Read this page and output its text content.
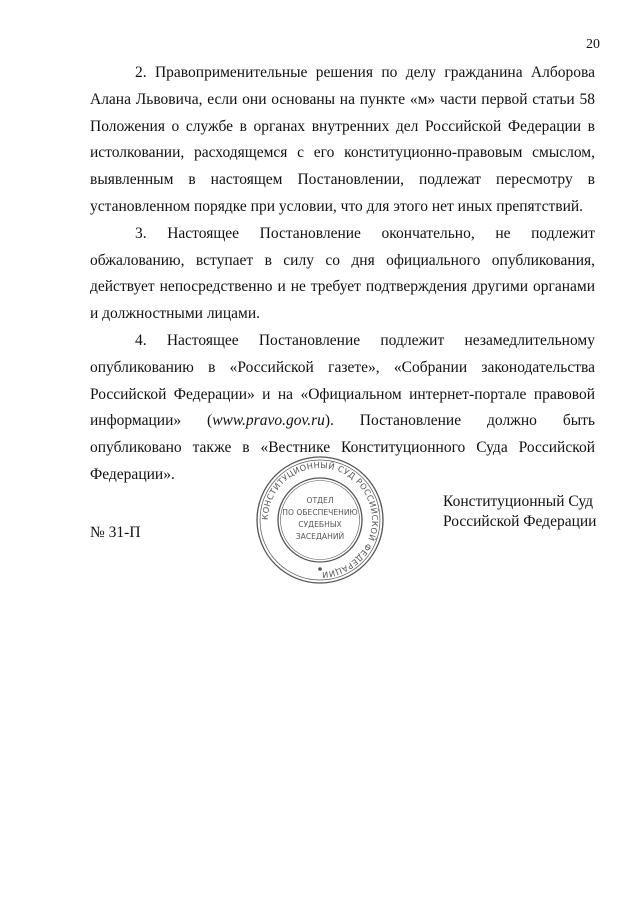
20

2. Правоприменительные решения по делу гражданина Алборова Алана Львовича, если они основаны на пункте «м» части первой статьи 58 Положения о службе в органах внутренних дел Российской Федерации в истолковании, расходящемся с его конституционно-правовым смыслом, выявленным в настоящем Постановлении, подлежат пересмотру в установленном порядке при условии, что для этого нет иных препятствий.

3. Настоящее Постановление окончательно, не подлежит обжалованию, вступает в силу со дня официального опубликования, действует непосредственно и не требует подтверждения другими органами и должностными лицами.

4. Настоящее Постановление подлежит незамедлительному опубликованию в «Российской газете», «Собрании законодательства Российской Федерации» и на «Официальном интернет-портале правовой информации» (www.pravo.gov.ru). Постановление должно быть опубликовано также в «Вестнике Конституционного Суда Российской Федерации».

КОНСТИТУЦИОННЫЙ СУД РОССИЙСКОЙ ФЕДЕРАЦИИ
ОТДЕЛ
ПО ОБЕСПЕЧЕНИЮ
СУДЕБНЫХ
ЗАСЕДАНИЙ
Конституционный Суд
Российской Федерации
№ 31-П
